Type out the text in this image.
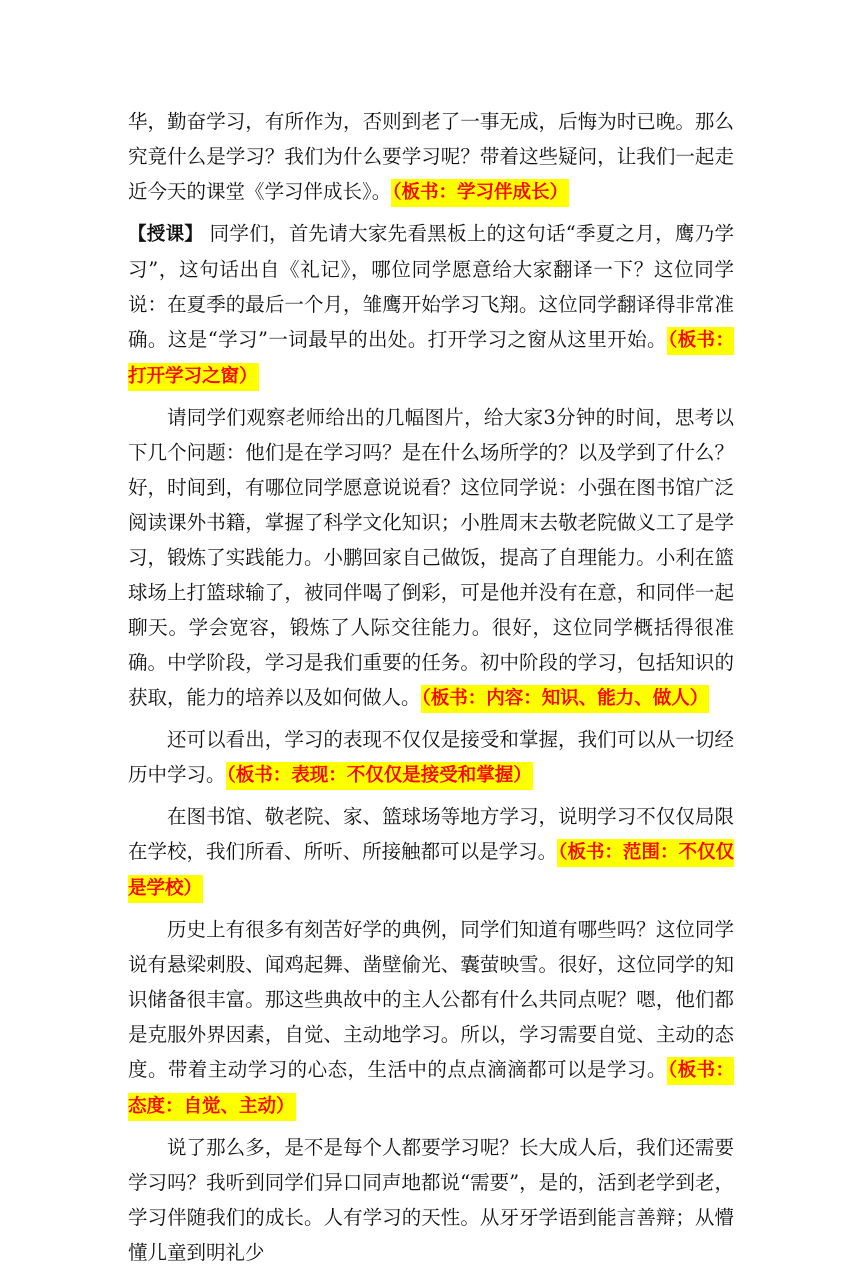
华，勤奋学习，有所作为，否则到老了一事无成，后悔为时已晚。那么究竟什么是学习？我们为什么要学习呢？带着这些疑问，让我们一起走近今天的课堂《学习伴成长》。（板书：学习伴成长）

【授课】 同学们，首先请大家先看黑板上的这句话“季夏之月，鹰乃学习”，这句话出自《礼记》，哪位同学愿意给大家翻译一下？这位同学说：在夏季的最后一个月，雏鹰开始学习飞翔。这位同学翻译得非常准确。这是“学习”一词最早的出处。打开学习之窗从这里开始。（板书：打开学习之窗）

请同学们观察老师给出的几幅图片，给大家3分钟的时间，思考以下几个问题：他们是在学习吗？是在什么场所学的？以及学到了什么？好，时间到，有哪位同学愿意说说看？这位同学说：小强在图书馆广泛阅读课外书籍，掌握了科学文化知识；小胜周末去敬老院做义工了是学习，锻炼了实践能力。小鹏回家自己做饭，提高了自理能力。小利在篮球场上打篮球输了，被同伴喝了倒彩，可是他并没有在意，和同伴一起聊天。学会宽容，锻炼了人际交往能力。很好，这位同学概括得很准确。中学阶段，学习是我们重要的任务。初中阶段的学习，包括知识的获取，能力的培养以及如何做人。（板书：内容：知识、能力、做人）

还可以看出，学习的表现不仅仅是接受和掌握，我们可以从一切经历中学习。（板书：表现：不仅仅是接受和掌握）

在图书馆、敬老院、家、篮球场等地方学习，说明学习不仅仅局限在学校，我们所看、所听、所接触都可以是学习。（板书：范围：不仅仅是学校）

历史上有很多有刻苦好学的典例，同学们知道有哪些吗？这位同学说有悬梁刺股、闻鸡起舞、凿壁偷光、囊萤映雪。很好，这位同学的知识储备很丰富。那这些典故中的主人公都有什么共同点呢？嗯，他们都是克服外界因素，自觉、主动地学习。所以，学习需要自觉、主动的态度。带着主动学习的心态，生活中的点点滴滴都可以是学习。（板书：态度：自觉、主动）

说了那么多，是不是每个人都要学习呢？长大成人后，我们还需要学习吗？我听到同学们异口同声地都说“需要”，是的，活到老学到老，学习伴随我们的成长。人有学习的天性。从牙牙学语到能言善辩；从懵懂儿童到明礼少
